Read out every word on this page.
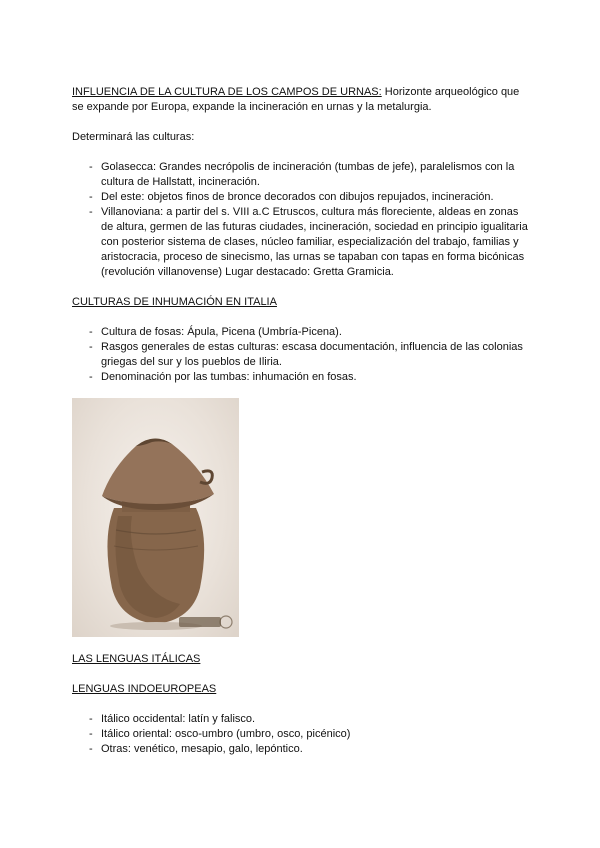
INFLUENCIA DE LA CULTURA DE LOS CAMPOS DE URNAS: Horizonte arqueológico que se expande por Europa, expande la incineración en urnas y la metalurgia.

Determinará las culturas:

- Golasecca: Grandes necrópolis de incineración (tumbas de jefe), paralelismos con la cultura de Hallstatt, incineración.
- Del este: objetos finos de bronce decorados con dibujos repujados, incineración.
- Villanoviana: a partir del s. VIII a.C Etruscos, cultura más floreciente, aldeas en zonas de altura, germen de las futuras ciudades, incineración, sociedad en principio igualitaria con posterior sistema de clases, núcleo familiar, especialización del trabajo, familias y aristocracia, proceso de sinecismo, las urnas se tapaban con tapas en forma bicónicas (revolución villanovense) Lugar destacado: Gretta Gramicia.

CULTURAS DE INHUMACIÓN EN ITALIA

- Cultura de fosas: Ápula, Picena (Umbría-Picena).
- Rasgos generales de estas culturas: escasa documentación, influencia de las colonias griegas del sur y los pueblos de Iliria.
- Denominación por las tumbas: inhumación en fosas.

LAS LENGUAS ITÁLICAS

LENGUAS INDOEUROPEAS

- Itálico occidental: latín y falisco.
- Itálico oriental: osco-umbro (umbro, osco, picénico)
- Otras: venético, mesapio, galo, lepóntico.
